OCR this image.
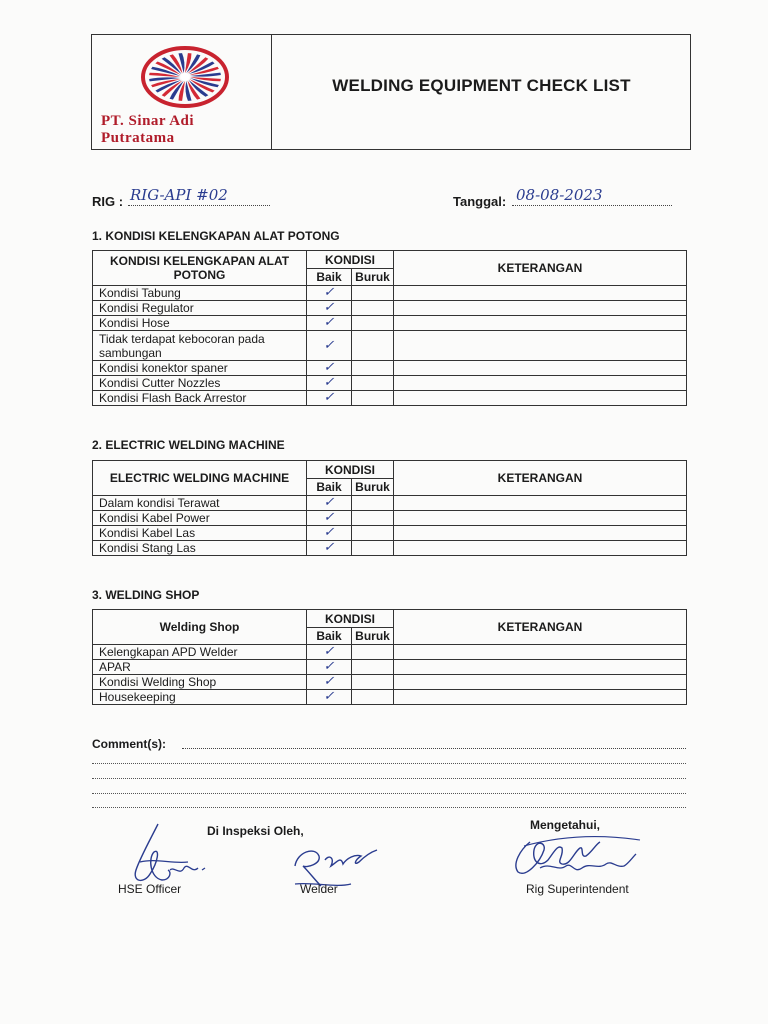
PT. Sinar Adi Putratama
WELDING EQUIPMENT CHECK LIST
RIG : RIG-API #02	Tanggal: 08-08-2023
1. KONDISI KELENGKAPAN ALAT POTONG
KONDISI KELENGKAPAN ALAT POTONG	KONDISI		KETERANGAN
	Baik	Buruk	
Kondisi Tabung	✓		
Kondisi Regulator	✓		
Kondisi Hose	✓		
Tidak terdapat kebocoran pada sambungan	✓		
Kondisi konektor spaner	✓		
Kondisi Cutter Nozzles	✓		
Kondisi Flash Back Arrestor	✓		
2. ELECTRIC WELDING MACHINE
ELECTRIC WELDING MACHINE	KONDISI		KETERANGAN
	Baik	Buruk	
Dalam kondisi Terawat	✓		
Kondisi Kabel Power	✓		
Kondisi Kabel Las	✓		
Kondisi Stang Las	✓		
3. WELDING SHOP
Welding Shop	KONDISI		KETERANGAN
	Baik	Buruk	
Kelengkapan APD Welder	✓		
APAR	✓		
Kondisi Welding Shop	✓		
Housekeeping	✓		
Comment(s):
Di Inspeksi Oleh,	Mengetahui,
HSE Officer	Welder	Rig Superintendent
